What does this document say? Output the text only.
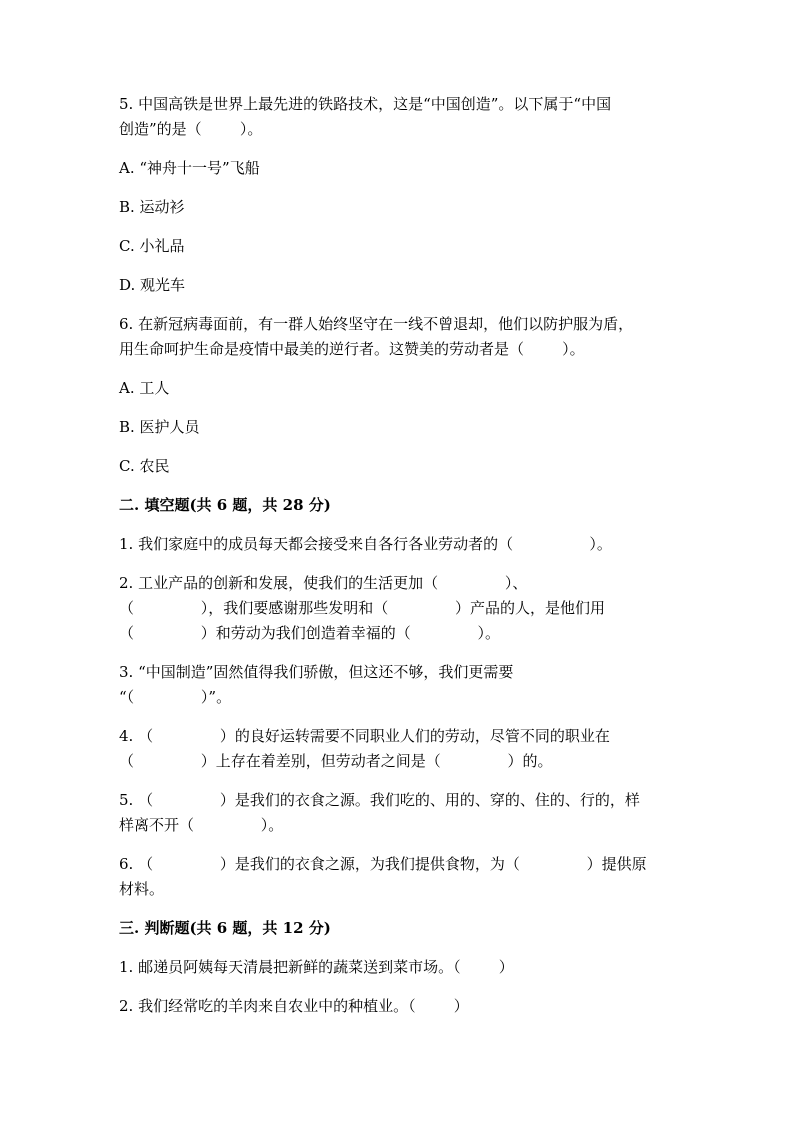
5. 中国高铁是世界上最先进的铁路技术，这是“中国创造”。以下属于“中国

创造”的是（        ）。

A. “神舟十一号”飞船

B. 运动衫

C. 小礼品

D. 观光车

6. 在新冠病毒面前，有一群人始终坚守在一线不曾退却，他们以防护服为盾，

用生命呵护生命是疫情中最美的逆行者。这赞美的劳动者是（        ）。

A. 工人

B. 医护人员

C. 农民

二. 填空题(共 6 题，共 28 分)

1. 我们家庭中的成员每天都会接受来自各行各业劳动者的（                ）。

2. 工业产品的创新和发展，使我们的生活更加（              ）、

（              ），我们要感谢那些发明和（              ）产品的人，是他们用

（              ）和劳动为我们创造着幸福的（              ）。

3. “中国制造”固然值得我们骄傲，但这还不够，我们更需要

“（              ）”。

4. （              ）的良好运转需要不同职业人们的劳动，尽管不同的职业在

（              ）上存在着差别，但劳动者之间是（              ）的。

5. （              ）是我们的衣食之源。我们吃的、用的、穿的、住的、行的，样

样离不开（              ）。

6. （              ）是我们的衣食之源，为我们提供食物，为（              ）提供原

材料。

三. 判断题(共 6 题，共 12 分)

1. 邮递员阿姨每天清晨把新鲜的蔬菜送到菜市场。（        ）

2. 我们经常吃的羊肉来自农业中的种植业。（        ）
